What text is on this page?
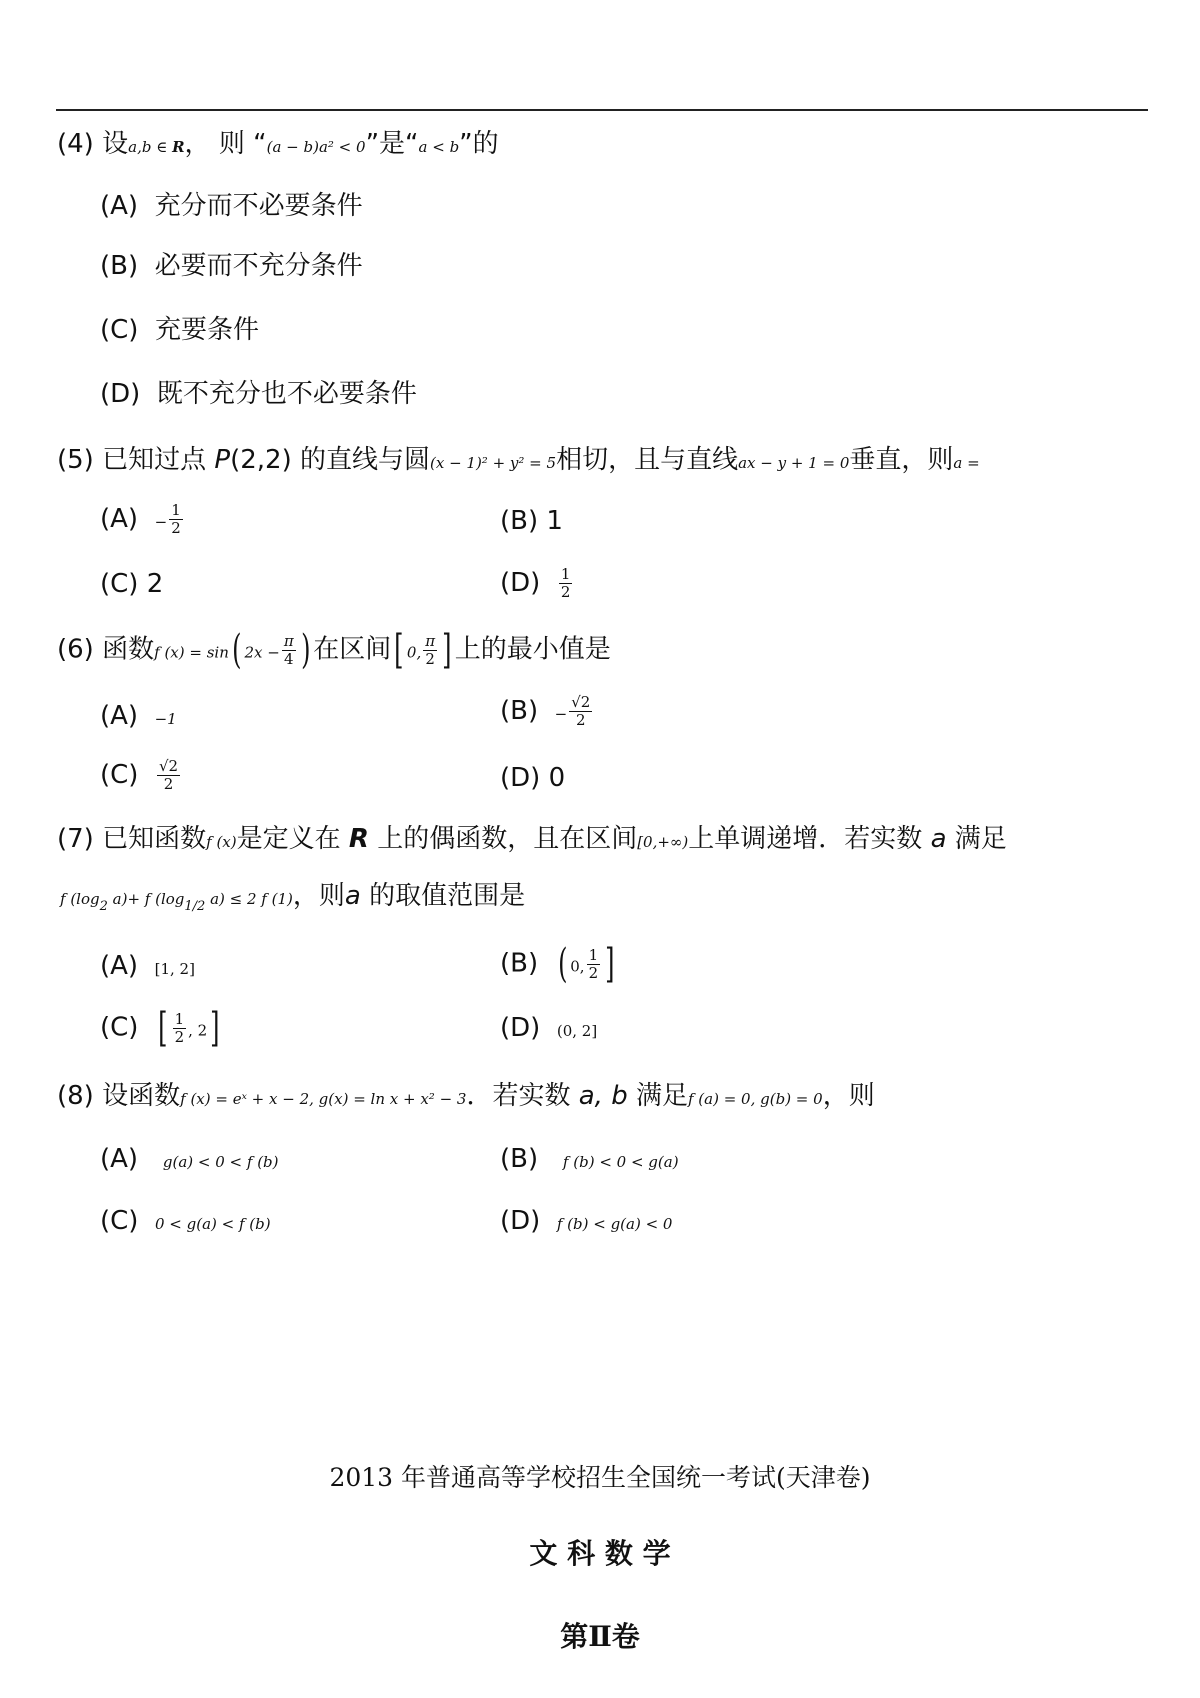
(4) 设a,b ∈ R， 则 “(a − b)a² < 0”是“a < b”的
(A) 充分而不必要条件
(B) 必要而不充分条件
(C) 充要条件
(D) 既不充分也不必要条件
(5) 已知过点 P(2,2) 的直线与圆(x − 1)² + y² = 5相切，且与直线ax − y + 1 = 0垂直，则a =
$(A) - \frac{1}{2}$	(B) 1
(C) 2	$(D) \frac{1}{2}$
(6) 函数f (x) = sin( $2x - \frac{\pi}{4}$ ) 在区间[ 0, $\frac{\pi}{2}$ ] 上的最小值是
(A) −1	$(B) - \frac{√2}{2}$
$(C) \frac{√2}{2}$	(D) 0
(7) 已知函数f (x)是定义在 R 上的偶函数，且在区间[0,+∞)上单调递增．若实数 a 满足
f ($\log_2$ a)+ f ($\log_{1/2}$ a) ≤ 2 f (1)，则a 的取值范围是
(A) [1, 2]	(B) ( 0, $\frac{1}{2}$ ]
(C) [ $\frac{1}{2}$ , 2]	(D) (0, 2]
(8) 设函数f (x) = eˣ + x − 2, g(x) = ln x + x² − 3．若实数 a, b 满足f (a) = 0, g(b) = 0，则
(A) g(a) < 0 < f (b)	(B) f (b) < 0 < g(a)
(C) 0 < g(a) < f (b)	(D) f (b) < g(a) < 0
2013 年普通高等学校招生全国统一考试(天津卷)
文 科 数 学
第Ⅱ卷
